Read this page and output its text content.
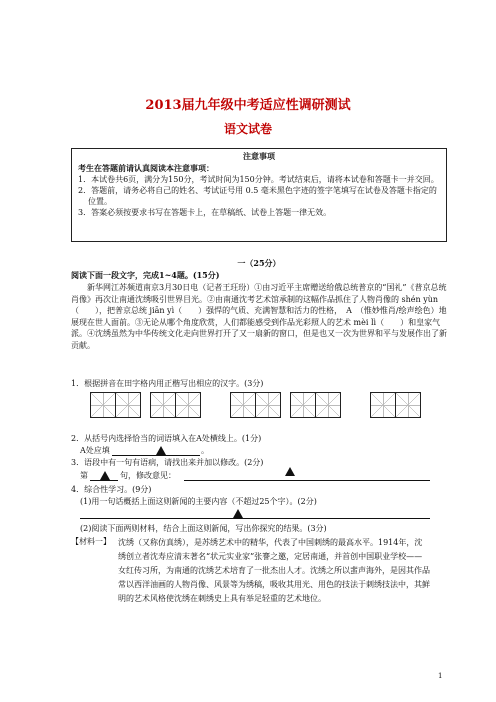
2013届九年级中考适应性调研测试
语文试卷
注意事项
考生在答题前请认真阅读本注意事项：
1．本试卷共6页，满分为150分，考试时间为150分钟。考试结束后，请将本试卷和答题卡一并交回。
2．答题前，请务必将自己的姓名、考试证号用 0.5 毫米黑色字迹的签字笔填写在试卷及答题卡指定的位置。
3．答案必须按要求书写在答题卡上，在草稿纸、试卷上答题一律无效。
一（25分）
阅读下面一段文字，完成1~4题。(15分)
新华网江苏频道南京3月30日电（记者王玨玢）①由习近平主席赠送给俄总统普京的“国礼”《普京总统肖像》再次让南通沈绣吸引世界目光。②由南通沈考艺术馆承制的这幅作品抓住了人物肖像的 shén yùn（　　），把普京总统 jiān yì（　　）强悍的气质、充满智慧和活力的性格，　A　（惟妙惟肖/绘声绘色）地展现在世人面前。③无论从哪个角度欣赏，人们都能感受到作品光彩照人的艺术 mèi lì（　　）和皇家气派。④沈绣虽然为中华传统文化走向世界打开了又一扇新的窗口，但是也又一次为世界和平与发展作出了新贡献。
1．根据拼音在田字格内用正楷写出相应的汉字。(3分)
2．从括号内选择恰当的词语填入在A处横线上。(1分)
A处应填	。
3．语段中有一句有语病，请找出来并加以修改。(2分)
第	句，修改意见：
4．综合性学习。(9分)
(1)用一句话概括上面这则新闻的主要内容（不超过25个字）。(2分)
(2)阅读下面两则材料，结合上面这则新闻，写出你探究的结果。(3分)
【材料一】 沈绣（又称仿真绣），是苏绣艺术中的精华，代表了中国刺绣的最高水平。1914年，沈绣创立者沈寿应清末著名“状元实业家”张謇之邀，定居南通，并首创中国职业学校——女红传习所，为南通的沈绣艺术培育了一批杰出人才。沈绣之所以蜚声海外，是因其作品常以西洋油画的人物肖像、风景等为绣稿，吸收其用光、用色的技法于刺绣技法中，其鲜明的艺术风格使沈绣在刺绣史上具有举足轻重的艺术地位。
1
